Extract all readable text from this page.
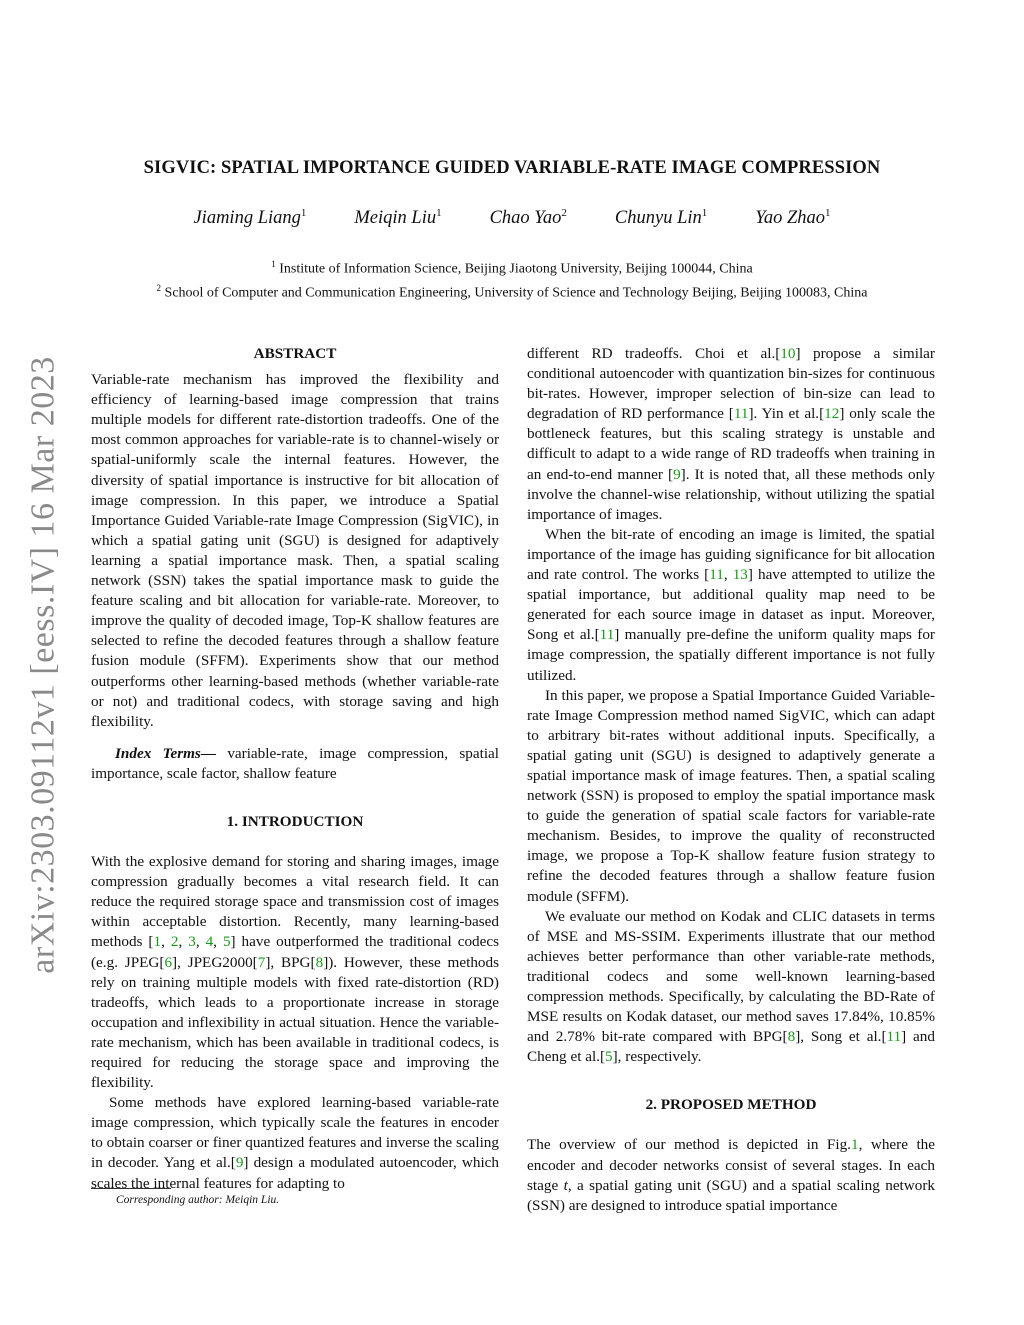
arXiv:2303.09112v1 [eess.IV] 16 Mar 2023
SIGVIC: SPATIAL IMPORTANCE GUIDED VARIABLE-RATE IMAGE COMPRESSION
Jiaming Liang$^1$	Meiqin Liu$^1$	Chao Yao$^2$	Chunyu Lin$^1$	Yao Zhao$^1$
$^1$ Institute of Information Science, Beijing Jiaotong University, Beijing 100044, China
$^2$ School of Computer and Communication Engineering, University of Science and Technology Beijing, Beijing 100083, China

ABSTRACT

Variable-rate mechanism has improved the flexibility and efficiency of learning-based image compression that trains multiple models for different rate-distortion tradeoffs. One of the most common approaches for variable-rate is to channel-wisely or spatial-uniformly scale the internal features. However, the diversity of spatial importance is instructive for bit allocation of image compression. In this paper, we introduce a Spatial Importance Guided Variable-rate Image Compression (SigVIC), in which a spatial gating unit (SGU) is designed for adaptively learning a spatial importance mask. Then, a spatial scaling network (SSN) takes the spatial importance mask to guide the feature scaling and bit allocation for variable-rate. Moreover, to improve the quality of decoded image, Top-K shallow features are selected to refine the decoded features through a shallow feature fusion module (SFFM). Experiments show that our method outperforms other learning-based methods (whether variable-rate or not) and traditional codecs, with storage saving and high flexibility.

Index Terms— variable-rate, image compression, spatial importance, scale factor, shallow feature

1. INTRODUCTION

With the explosive demand for storing and sharing images, image compression gradually becomes a vital research field. It can reduce the required storage space and transmission cost of images within acceptable distortion. Recently, many learning-based methods [1, 2, 3, 4, 5] have outperformed the traditional codecs (e.g. JPEG[6], JPEG2000[7], BPG[8]). However, these methods rely on training multiple models with fixed rate-distortion (RD) tradeoffs, which leads to a proportionate increase in storage occupation and inflexibility in actual situation. Hence the variable-rate mechanism, which has been available in traditional codecs, is required for reducing the storage space and improving the flexibility.

Some methods have explored learning-based variable-rate image compression, which typically scale the features in encoder to obtain coarser or finer quantized features and inverse the scaling in decoder. Yang et al.[9] design a modulated autoencoder, which scales the internal features for adapting to

Corresponding author: Meiqin Liu.

different RD tradeoffs. Choi et al.[10] propose a similar conditional autoencoder with quantization bin-sizes for continuous bit-rates. However, improper selection of bin-size can lead to degradation of RD performance [11]. Yin et al.[12] only scale the bottleneck features, but this scaling strategy is unstable and difficult to adapt to a wide range of RD tradeoffs when training in an end-to-end manner [9]. It is noted that, all these methods only involve the channel-wise relationship, without utilizing the spatial importance of images.

When the bit-rate of encoding an image is limited, the spatial importance of the image has guiding significance for bit allocation and rate control. The works [11, 13] have attempted to utilize the spatial importance, but additional quality map need to be generated for each source image in dataset as input. Moreover, Song et al.[11] manually pre-define the uniform quality maps for image compression, the spatially different importance is not fully utilized.

In this paper, we propose a Spatial Importance Guided Variable-rate Image Compression method named SigVIC, which can adapt to arbitrary bit-rates without additional inputs. Specifically, a spatial gating unit (SGU) is designed to adaptively generate a spatial importance mask of image features. Then, a spatial scaling network (SSN) is proposed to employ the spatial importance mask to guide the generation of spatial scale factors for variable-rate mechanism. Besides, to improve the quality of reconstructed image, we propose a Top-K shallow feature fusion strategy to refine the decoded features through a shallow feature fusion module (SFFM).

We evaluate our method on Kodak and CLIC datasets in terms of MSE and MS-SSIM. Experiments illustrate that our method achieves better performance than other variable-rate methods, traditional codecs and some well-known learning-based compression methods. Specifically, by calculating the BD-Rate of MSE results on Kodak dataset, our method saves 17.84%, 10.85% and 2.78% bit-rate compared with BPG[8], Song et al.[11] and Cheng et al.[5], respectively.

2. PROPOSED METHOD

The overview of our method is depicted in Fig.1, where the encoder and decoder networks consist of several stages. In each stage t, a spatial gating unit (SGU) and a spatial scaling network (SSN) are designed to introduce spatial importance
